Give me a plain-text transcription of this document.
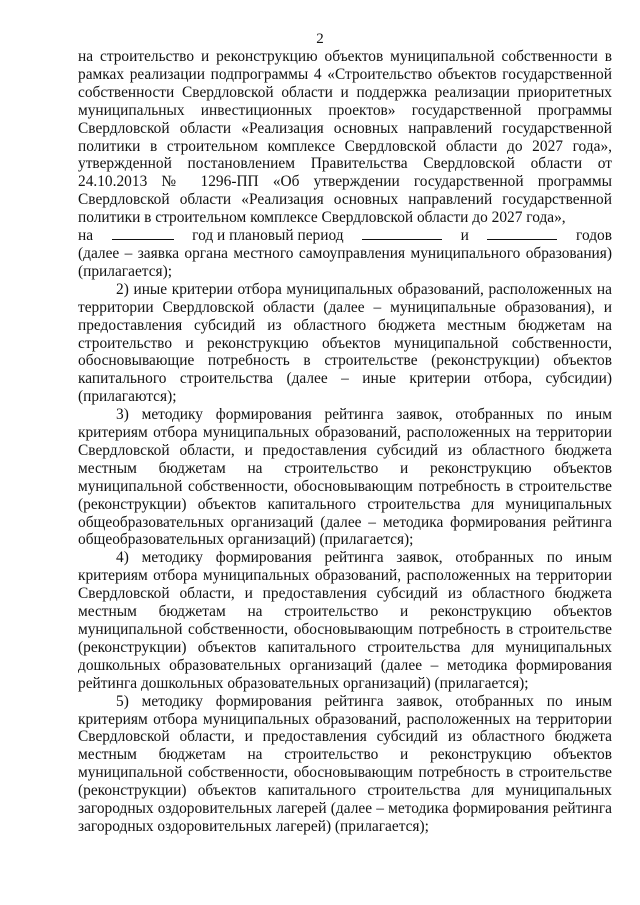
2

на строительство и реконструкцию объектов муниципальной собственности в рамках реализации подпрограммы 4 «Строительство объектов государственной собственности Свердловской области и поддержка реализации приоритетных муниципальных инвестиционных проектов» государственной программы Свердловской области «Реализация основных направлений государственной политики в строительном комплексе Свердловской области до 2027 года», утвержденной постановлением Правительства Свердловской области от 24.10.2013 № 1296-ПП «Об утверждении государственной программы Свердловской области «Реализация основных направлений государственной политики в строительном комплексе Свердловской области до 2027 года»,

на	год и плановый период	и	годов

(далее – заявка органа местного самоуправления муниципального образования) (прилагается);

2) иные критерии отбора муниципальных образований, расположенных на территории Свердловской области (далее – муниципальные образования), и предоставления субсидий из областного бюджета местным бюджетам на строительство и реконструкцию объектов муниципальной собственности, обосновывающие потребность в строительстве (реконструкции) объектов капитального строительства (далее – иные критерии отбора, субсидии) (прилагаются);

3) методику формирования рейтинга заявок, отобранных по иным критериям отбора муниципальных образований, расположенных на территории Свердловской области, и предоставления субсидий из областного бюджета местным бюджетам на строительство и реконструкцию объектов муниципальной собственности, обосновывающим потребность в строительстве (реконструкции) объектов капитального строительства для муниципальных общеобразовательных организаций (далее – методика формирования рейтинга общеобразовательных организаций) (прилагается);

4) методику формирования рейтинга заявок, отобранных по иным критериям отбора муниципальных образований, расположенных на территории Свердловской области, и предоставления субсидий из областного бюджета местным бюджетам на строительство и реконструкцию объектов муниципальной собственности, обосновывающим потребность в строительстве (реконструкции) объектов капитального строительства для муниципальных дошкольных образовательных организаций (далее – методика формирования рейтинга дошкольных образовательных организаций) (прилагается);

5) методику формирования рейтинга заявок, отобранных по иным критериям отбора муниципальных образований, расположенных на территории Свердловской области, и предоставления субсидий из областного бюджета местным бюджетам на строительство и реконструкцию объектов муниципальной собственности, обосновывающим потребность в строительстве (реконструкции) объектов капитального строительства для муниципальных загородных оздоровительных лагерей (далее – методика формирования рейтинга загородных оздоровительных лагерей) (прилагается);
